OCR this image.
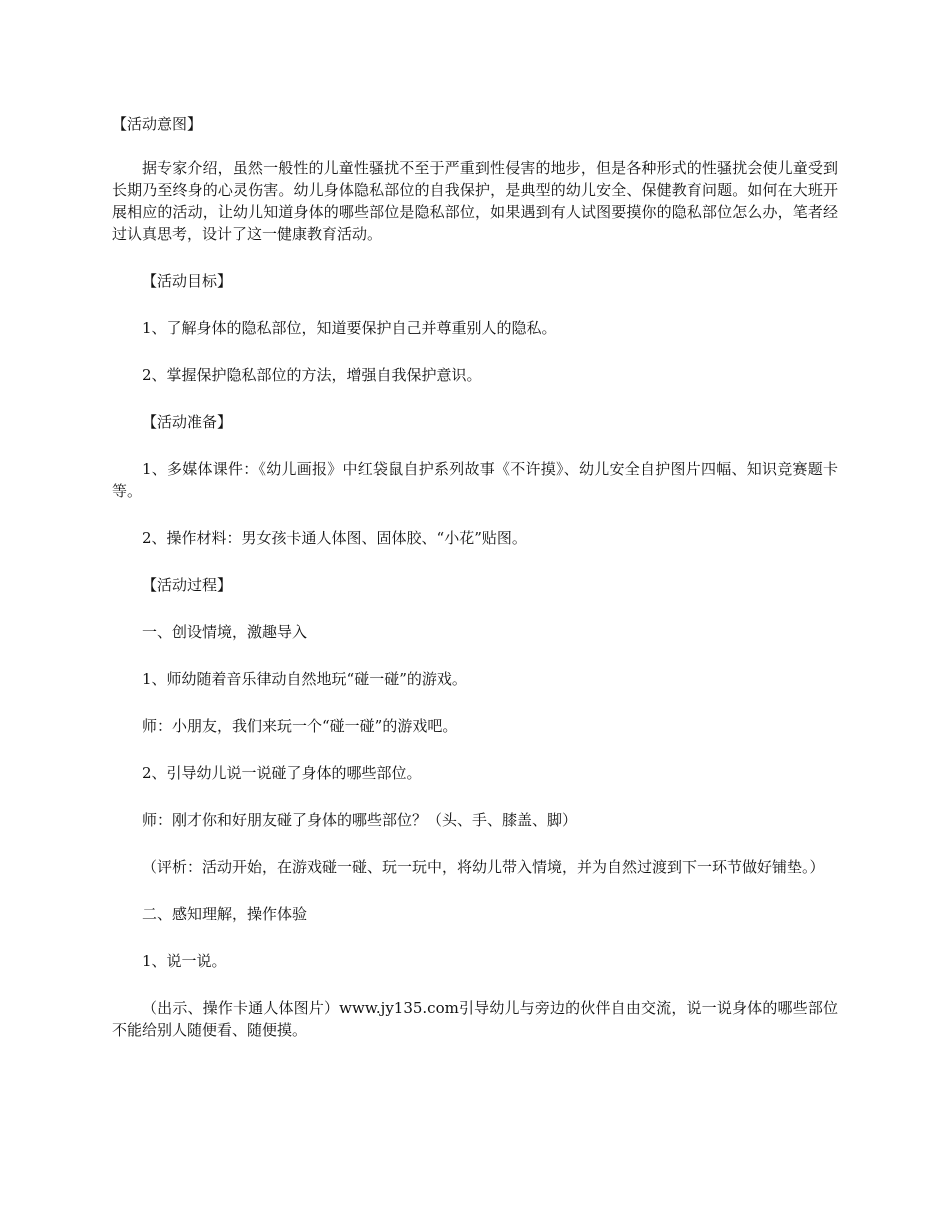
【活动意图】

据专家介绍，虽然一般性的儿童性骚扰不至于严重到性侵害的地步，但是各种形式的性骚扰会使儿童受到长期乃至终身的心灵伤害。幼儿身体隐私部位的自我保护，是典型的幼儿安全、保健教育问题。如何在大班开展相应的活动，让幼儿知道身体的哪些部位是隐私部位，如果遇到有人试图要摸你的隐私部位怎么办，笔者经过认真思考，设计了这一健康教育活动。

【活动目标】

1、了解身体的隐私部位，知道要保护自己并尊重别人的隐私。

2、掌握保护隐私部位的方法，增强自我保护意识。

【活动准备】

1、多媒体课件：《幼儿画报》中红袋鼠自护系列故事《不许摸》、幼儿安全自护图片四幅、知识竞赛题卡等。

2、操作材料：男女孩卡通人体图、固体胶、“小花”贴图。

【活动过程】

一、创设情境，激趣导入

1、师幼随着音乐律动自然地玩“碰一碰”的游戏。

师：小朋友，我们来玩一个“碰一碰”的游戏吧。

2、引导幼儿说一说碰了身体的哪些部位。

师：刚才你和好朋友碰了身体的哪些部位？（头、手、膝盖、脚）

（评析：活动开始，在游戏碰一碰、玩一玩中，将幼儿带入情境，并为自然过渡到下一环节做好铺垫。）

二、感知理解，操作体验

1、说一说。

（出示、操作卡通人体图片）www.jy135.com引导幼儿与旁边的伙伴自由交流，说一说身体的哪些部位不能给别人随便看、随便摸。
